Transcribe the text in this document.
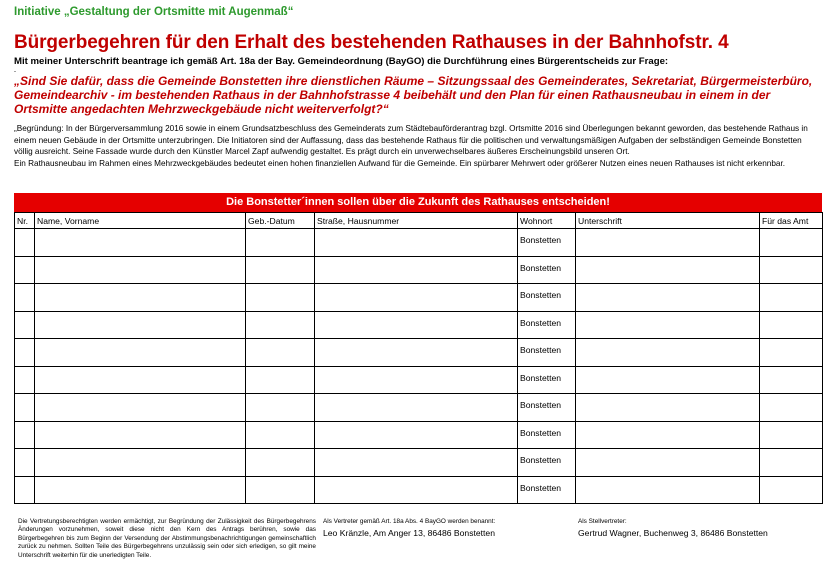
Initiative „Gestaltung der Ortsmitte mit Augenmaß“
Bürgerbegehren für den Erhalt des bestehenden Rathauses in der Bahnhofstr. 4
Mit meiner Unterschrift beantrage ich gemäß Art. 18a der Bay. Gemeindeordnung (BayGO) die Durchführung eines Bürgerentscheids zur Frage:
-
„Sind Sie dafür, dass die Gemeinde Bonstetten ihre dienstlichen Räume – Sitzungssaal des Gemeinderates, Sekretariat, Bürgermeisterbüro, Gemeindearchiv - im bestehenden Rathaus in der Bahnhofstrasse 4 beibehält und den Plan für einen Rathausneubau in einem in der Ortsmitte angedachten Mehrzweckgebäude nicht weiterverfolgt?“
„Begründung: In der Bürgerversammlung 2016 sowie in einem Grundsatzbeschluss des Gemeinderats zum Städtebauförderantrag bzgl. Ortsmitte 2016 sind Überlegungen bekannt geworden, das bestehende Rathaus in einem neuen Gebäude in der Ortsmitte unterzubringen. Die Initiatoren sind der Auffassung, dass das bestehende Rathaus für die politischen und verwaltungsmäßigen Aufgaben der selbständigen Gemeinde Bonstetten völlig ausreicht. Seine Fassade wurde durch den Künstler Marcel Zapf aufwendig gestaltet. Es prägt durch ein unverwechselbares äußeres Erscheinungsbild unseren Ort.
Ein Rathausneubau im Rahmen eines Mehrzweckgebäudes bedeutet einen hohen finanziellen Aufwand für die Gemeinde. Ein spürbarer Mehrwert oder größerer Nutzen eines neuen Rathauses ist nicht erkennbar.
Die Bonstetter´innen sollen über die Zukunft des Rathauses entscheiden!
Nr.	Name, Vorname	Geb.-Datum	Straße, Hausnummer	Wohnort	Unterschrift	Für das Amt
				Bonstetten		
				Bonstetten		
				Bonstetten		
				Bonstetten		
				Bonstetten		
				Bonstetten		
				Bonstetten		
				Bonstetten		
				Bonstetten		
				Bonstetten		
Die Vertretungsberechtigten werden ermächtigt, zur Begründung der Zulässigkeit des Bürgerbegehrens Änderungen vorzunehmen, soweit diese nicht den Kern des Antrags berühren, sowie das Bürgerbegehren bis zum Beginn der Versendung der Abstimmungsbenachrichtigungen gemeinschaftlich zurück zu nehmen. Sollten Teile des Bürgerbegehrens unzulässig sein oder sich erledigen, so gilt meine Unterschrift weiterhin für die unerledigten Teile.
Als Vertreter gemäß Art. 18a Abs. 4 BayGO werden benannt:
Leo Kränzle, Am Anger 13, 86486 Bonstetten
Als Stellvertreter:
Gertrud Wagner, Buchenweg 3, 86486 Bonstetten
